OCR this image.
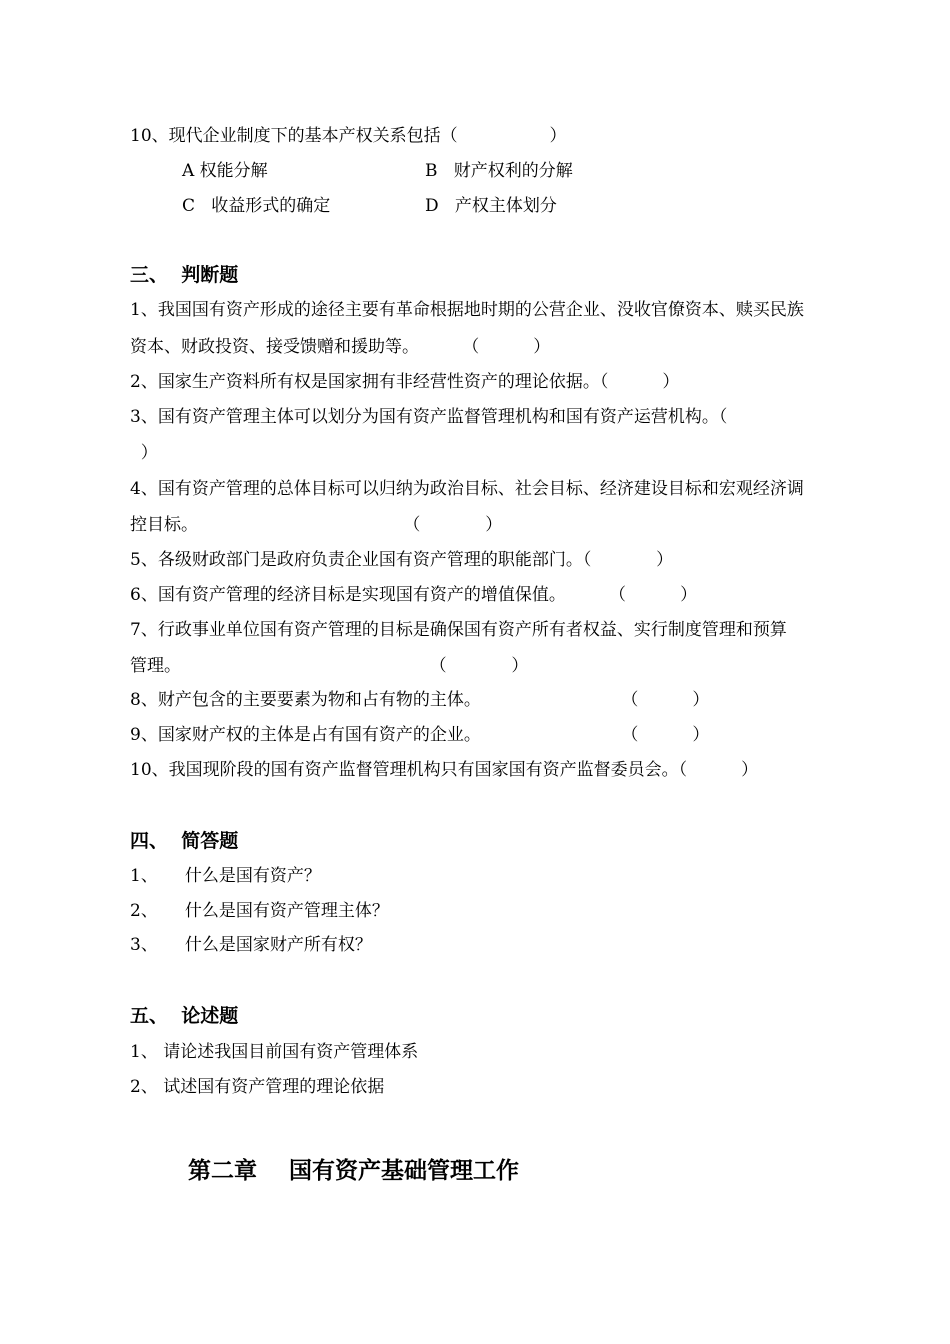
10、现代企业制度下的基本产权关系包括（                 ）
A 权能分解	B   财产权利的分解
C   收益形式的确定	D   产权主体划分
三、  判断题
1、我国国有资产形成的途径主要有革命根据地时期的公营企业、没收官僚资本、赎买民族
资本、财政投资、接受馈赠和援助等。        （          ）
2、国家生产资料所有权是国家拥有非经营性资产的理论依据。（          ）
3、国有资产管理主体可以划分为国有资产监督管理机构和国有资产运营机构。（
）
4、国有资产管理的总体目标可以归纳为政治目标、社会目标、经济建设目标和宏观经济调
控目标。                                      （            ）
5、各级财政部门是政府负责企业国有资产管理的职能部门。（            ）
6、国有资产管理的经济目标是实现国有资产的增值保值。        （          ）
7、行政事业单位国有资产管理的目标是确保国有资产所有者权益、实行制度管理和预算
管理。                                              （            ）
8、财产包含的主要要素为物和占有物的主体。                          （          ）
9、国家财产权的主体是占有国有资产的企业。                          （          ）
10、我国现阶段的国有资产监督管理机构只有国家国有资产监督委员会。（          ）
四、  简答题
1、     什么是国有资产？
2、     什么是国有资产管理主体？
3、     什么是国家财产所有权？
五、  论述题
1、 请论述我国目前国有资产管理体系
2、 试述国有资产管理的理论依据
第二章    国有资产基础管理工作
